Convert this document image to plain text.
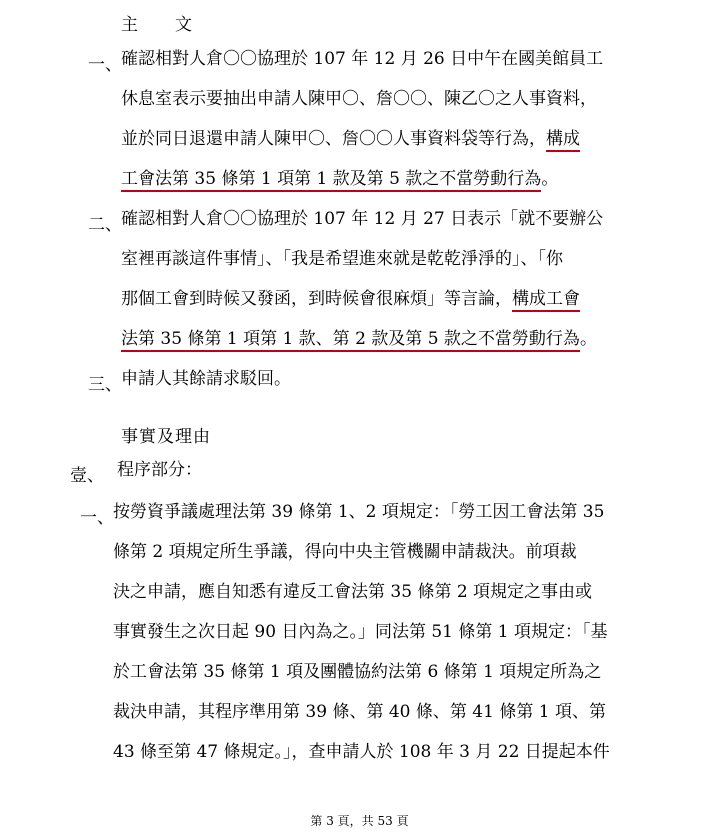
主　　文
一、 確認相對人倉〇〇協理於 107 年 12 月 26 日中午在國美館員工
休息室表示要抽出申請人陳甲〇、詹〇〇、陳乙〇之人事資料，
並於同日退還申請人陳甲〇、詹〇〇人事資料袋等行為，構成
工會法第 35 條第 1 項第 1 款及第 5 款之不當勞動行為。
二、 確認相對人倉〇〇協理於 107 年 12 月 27 日表示「就不要辦公
室裡再談這件事情」、「我是希望進來就是乾乾淨淨的」、「你
那個工會到時候又發函，到時候會很麻煩」等言論，構成工會
法第 35 條第 1 項第 1 款、第 2 款及第 5 款之不當勞動行為。
三、 申請人其餘請求駁回。
事實及理由
壹、 程序部分：
一、 按勞資爭議處理法第 39 條第 1、2 項規定：「勞工因工會法第 35
條第 2 項規定所生爭議，得向中央主管機關申請裁決。前項裁
決之申請，應自知悉有違反工會法第 35 條第 2 項規定之事由或
事實發生之次日起 90 日內為之。」同法第 51 條第 1 項規定：「基
於工會法第 35 條第 1 項及團體協約法第 6 條第 1 項規定所為之
裁決申請，其程序準用第 39 條、第 40 條、第 41 條第 1 項、第
43 條至第 47 條規定。」，查申請人於 108 年 3 月 22 日提起本件
第 3 頁，共 53 頁
